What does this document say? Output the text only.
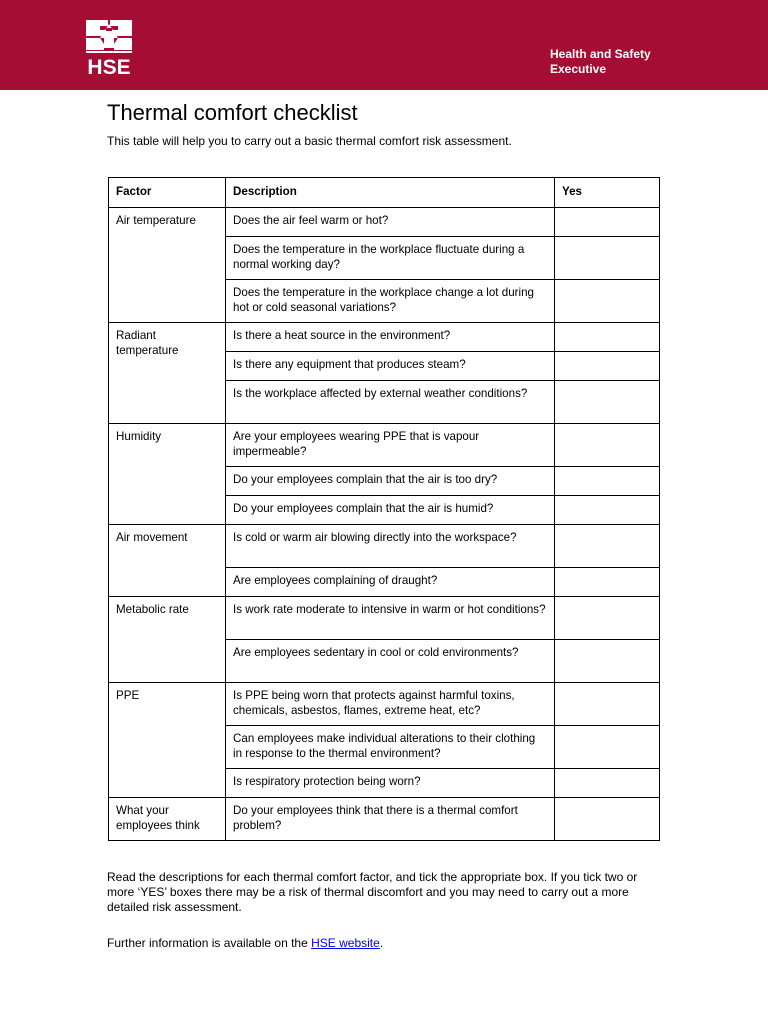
HSE
Health and Safety
Executive
Thermal comfort checklist

This table will help you to carry out a basic thermal comfort risk assessment.

Factor	Description	Yes
Air temperature	Does the air feel warm or hot?	
	Does the temperature in the workplace fluctuate during a normal working day?	
	Does the temperature in the workplace change a lot during hot or cold seasonal variations?	
Radiant temperature	Is there a heat source in the environment?	
	Is there any equipment that produces steam?	
	Is the workplace affected by external weather conditions?	
Humidity	Are your employees wearing PPE that is vapour impermeable?	
	Do your employees complain that the air is too dry?	
	Do your employees complain that the air is humid?	
Air movement	Is cold or warm air blowing directly into the workspace?	
	Are employees complaining of draught?	
Metabolic rate	Is work rate moderate to intensive in warm or hot conditions?	
	Are employees sedentary in cool or cold environments?	
PPE	Is PPE being worn that protects against harmful toxins, chemicals, asbestos, flames, extreme heat, etc?	
	Can employees make individual alterations to their clothing in response to the thermal environment?	
	Is respiratory protection being worn?	
What your employees think	Do your employees think that there is a thermal comfort problem?	

Read the descriptions for each thermal comfort factor, and tick the appropriate box. If you tick two or more ‘YES’ boxes there may be a risk of thermal discomfort and you may need to carry out a more detailed risk assessment.

Further information is available on the HSE website.
